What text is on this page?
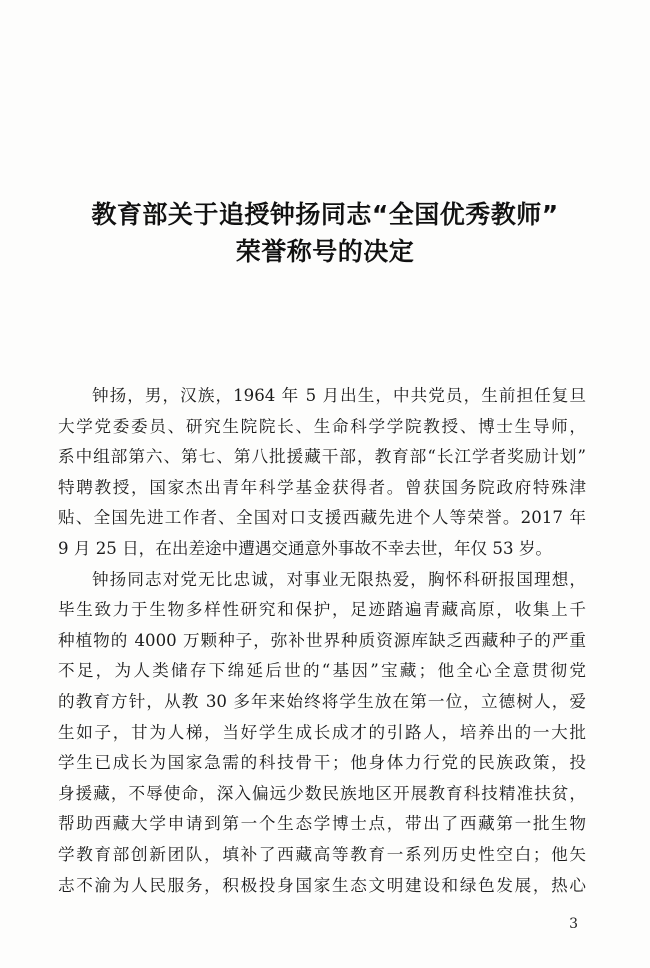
教育部关于追授钟扬同志“全国优秀教师”
荣誉称号的决定
钟扬，男，汉族，1964 年 5 月出生，中共党员，生前担任复旦
大学党委委员、研究生院院长、生命科学学院教授、博士生导师，
系中组部第六、第七、第八批援藏干部，教育部“长江学者奖励计划”
特聘教授，国家杰出青年科学基金获得者。曾获国务院政府特殊津
贴、全国先进工作者、全国对口支援西藏先进个人等荣誉。2017 年
9 月 25 日，在出差途中遭遇交通意外事故不幸去世，年仅 53 岁。
钟扬同志对党无比忠诚，对事业无限热爱，胸怀科研报国理想，
毕生致力于生物多样性研究和保护，足迹踏遍青藏高原，收集上千
种植物的 4000 万颗种子，弥补世界种质资源库缺乏西藏种子的严重
不足，为人类储存下绵延后世的“基因”宝藏；他全心全意贯彻党
的教育方针，从教 30 多年来始终将学生放在第一位，立德树人，爱
生如子，甘为人梯，当好学生成长成才的引路人，培养出的一大批
学生已成长为国家急需的科技骨干；他身体力行党的民族政策，投
身援藏，不辱使命，深入偏远少数民族地区开展教育科技精准扶贫，
帮助西藏大学申请到第一个生态学博士点，带出了西藏第一批生物
学教育部创新团队，填补了西藏高等教育一系列历史性空白；他矢
志不渝为人民服务，积极投身国家生态文明建设和绿色发展，热心
3
